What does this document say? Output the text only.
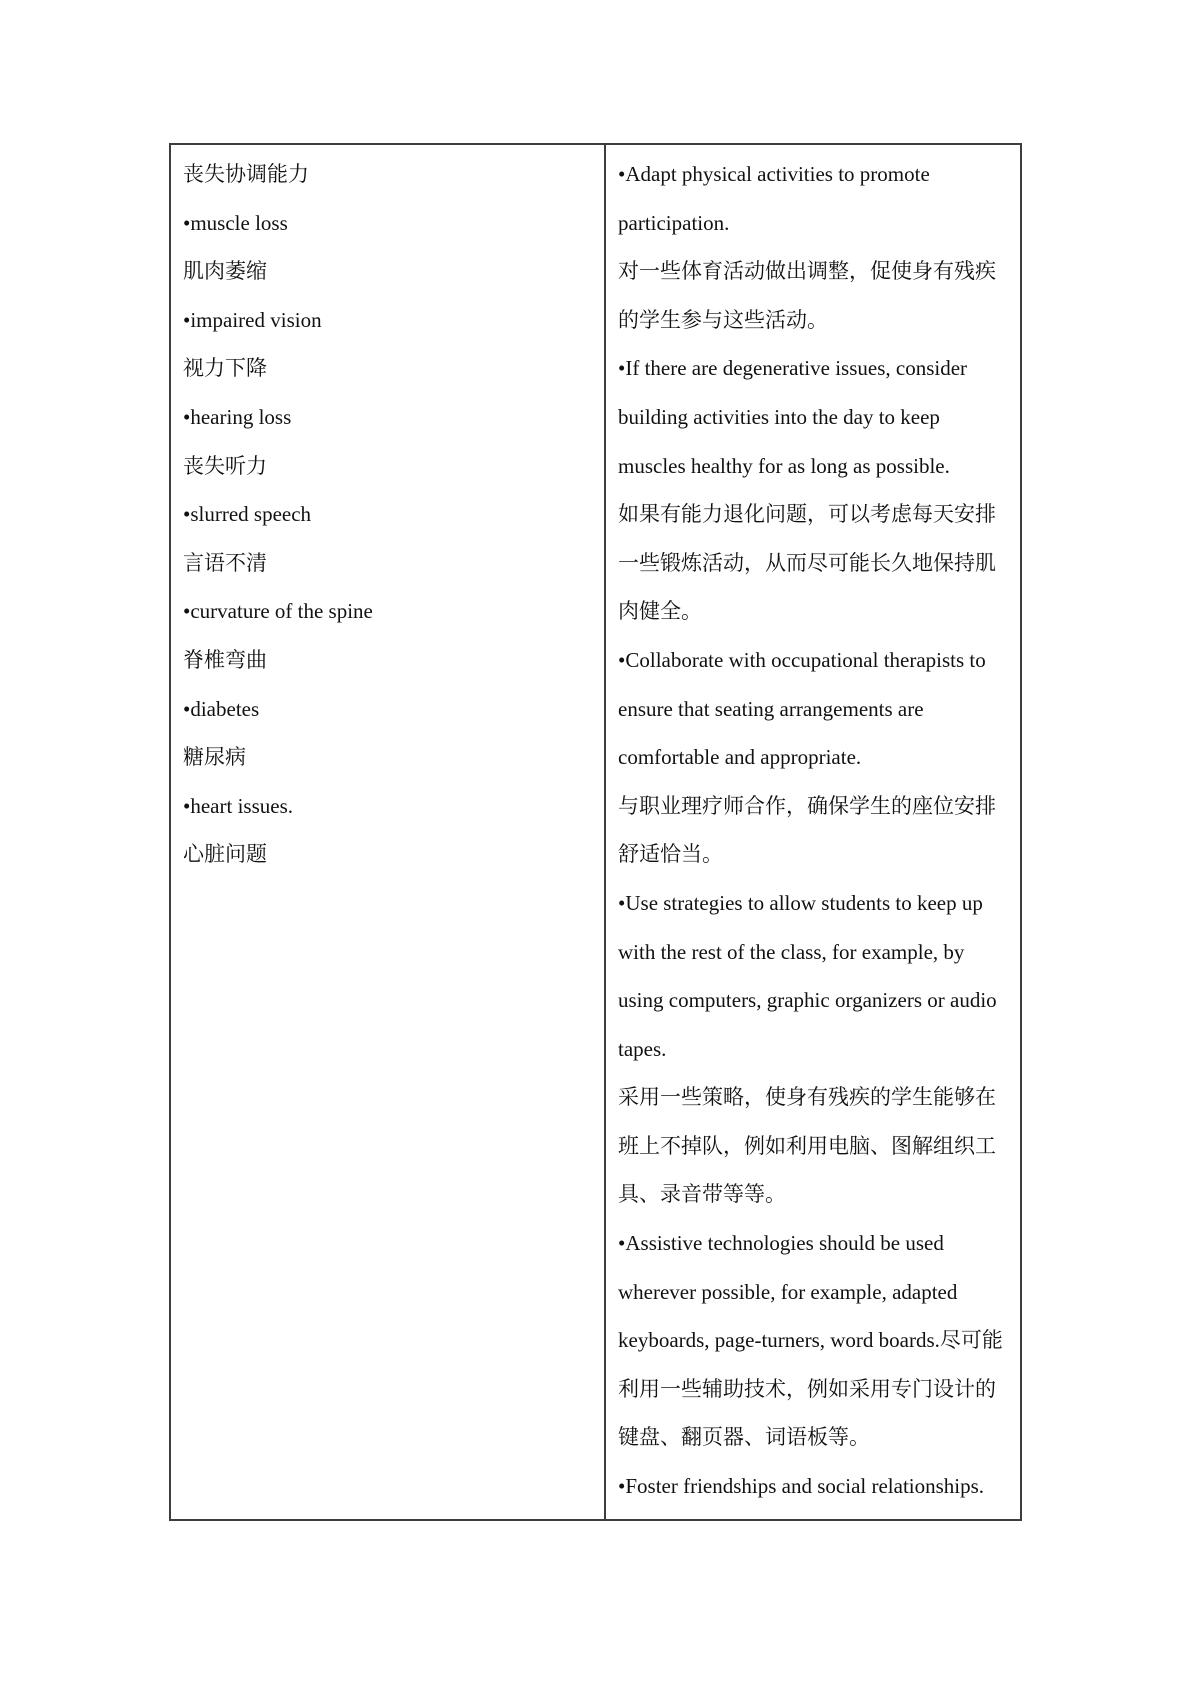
丧失协调能力

•muscle loss

肌肉萎缩

•impaired vision

视力下降

•hearing loss

丧失听力

•slurred speech

言语不清

•curvature of the spine

脊椎弯曲

•diabetes

糖尿病

•heart issues.

心脏问题

•Adapt physical activities to promote participation.

对一些体育活动做出调整，促使身有残疾的学生参与这些活动。

•If there are degenerative issues, consider building activities into the day to keep muscles healthy for as long as possible.

如果有能力退化问题，可以考虑每天安排一些锻炼活动，从而尽可能长久地保持肌肉健全。

•Collaborate with occupational therapists to ensure that seating arrangements are comfortable and appropriate.

与职业理疗师合作，确保学生的座位安排舒适恰当。

•Use strategies to allow students to keep up with the rest of the class, for example, by using computers, graphic organizers or audio tapes.

采用一些策略，使身有残疾的学生能够在班上不掉队，例如利用电脑、图解组织工具、录音带等等。

•Assistive technologies should be used wherever possible, for example, adapted keyboards, page-turners, word boards.尽可能利用一些辅助技术，例如采用专门设计的键盘、翻页器、词语板等。

•Foster friendships and social relationships.
